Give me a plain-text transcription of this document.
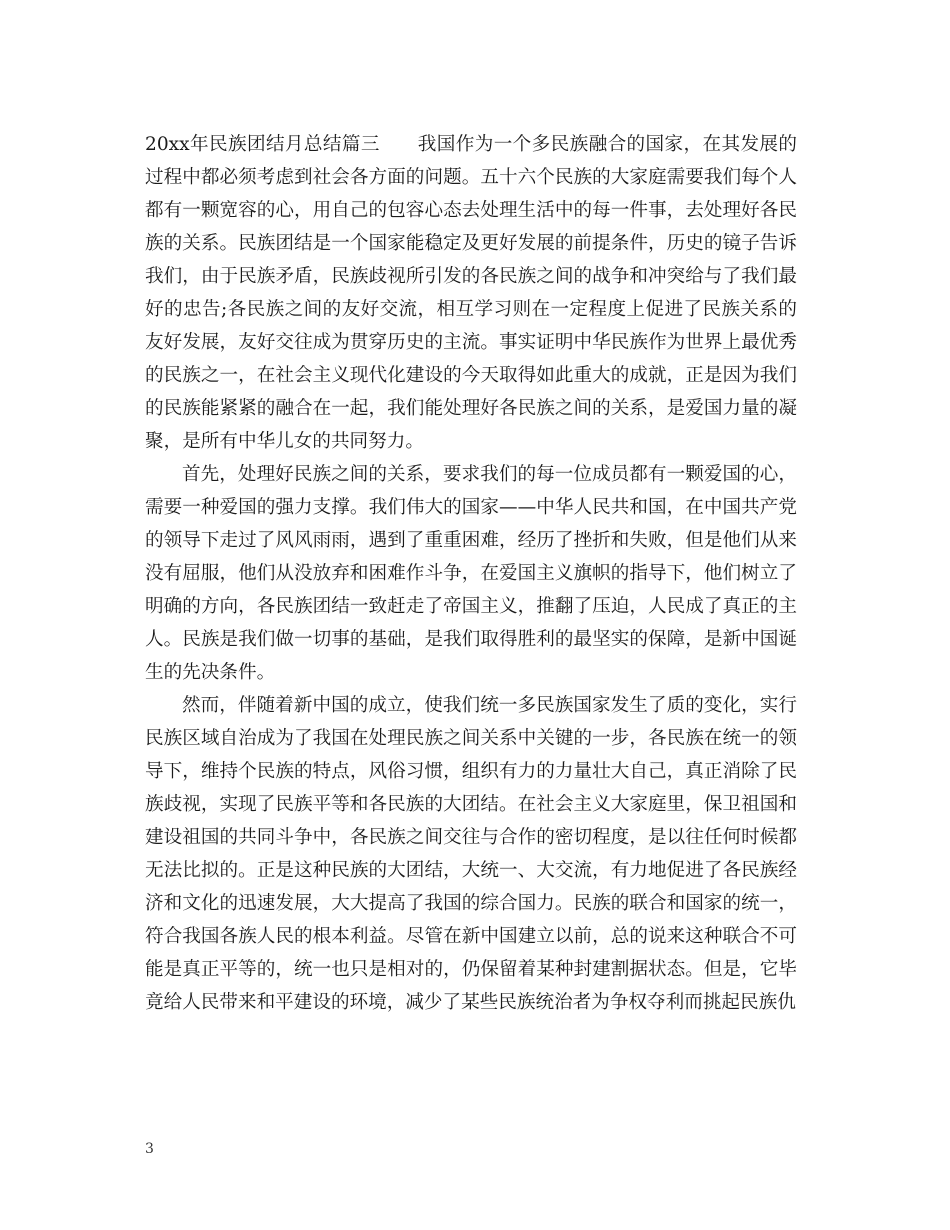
20xx年民族团结月总结篇三　　我国作为一个多民族融合的国家，在其发展的过程中都必须考虑到社会各方面的问题。五十六个民族的大家庭需要我们每个人都有一颗宽容的心，用自己的包容心态去处理生活中的每一件事，去处理好各民族的关系。民族团结是一个国家能稳定及更好发展的前提条件，历史的镜子告诉我们，由于民族矛盾，民族歧视所引发的各民族之间的战争和冲突给与了我们最好的忠告;各民族之间的友好交流，相互学习则在一定程度上促进了民族关系的友好发展，友好交往成为贯穿历史的主流。事实证明中华民族作为世界上最优秀的民族之一，在社会主义现代化建设的今天取得如此重大的成就，正是因为我们的民族能紧紧的融合在一起，我们能处理好各民族之间的关系，是爱国力量的凝聚，是所有中华儿女的共同努力。

首先，处理好民族之间的关系，要求我们的每一位成员都有一颗爱国的心，需要一种爱国的强力支撑。我们伟大的国家——中华人民共和国，在中国共产党的领导下走过了风风雨雨，遇到了重重困难，经历了挫折和失败，但是他们从来没有屈服，他们从没放弃和困难作斗争，在爱国主义旗帜的指导下，他们树立了明确的方向，各民族团结一致赶走了帝国主义，推翻了压迫，人民成了真正的主人。民族是我们做一切事的基础，是我们取得胜利的最坚实的保障，是新中国诞生的先决条件。

然而，伴随着新中国的成立，使我们统一多民族国家发生了质的变化，实行民族区域自治成为了我国在处理民族之间关系中关键的一步，各民族在统一的领导下，维持个民族的特点，风俗习惯，组织有力的力量壮大自己，真正消除了民族歧视，实现了民族平等和各民族的大团结。在社会主义大家庭里，保卫祖国和建设祖国的共同斗争中，各民族之间交往与合作的密切程度，是以往任何时候都无法比拟的。正是这种民族的大团结，大统一、大交流，有力地促进了各民族经济和文化的迅速发展，大大提高了我国的综合国力。民族的联合和国家的统一，符合我国各族人民的根本利益。尽管在新中国建立以前，总的说来这种联合不可能是真正平等的，统一也只是相对的，仍保留着某种封建割据状态。但是，它毕竟给人民带来和平建设的环境，减少了某些民族统治者为争权夺利而挑起民族仇

3
